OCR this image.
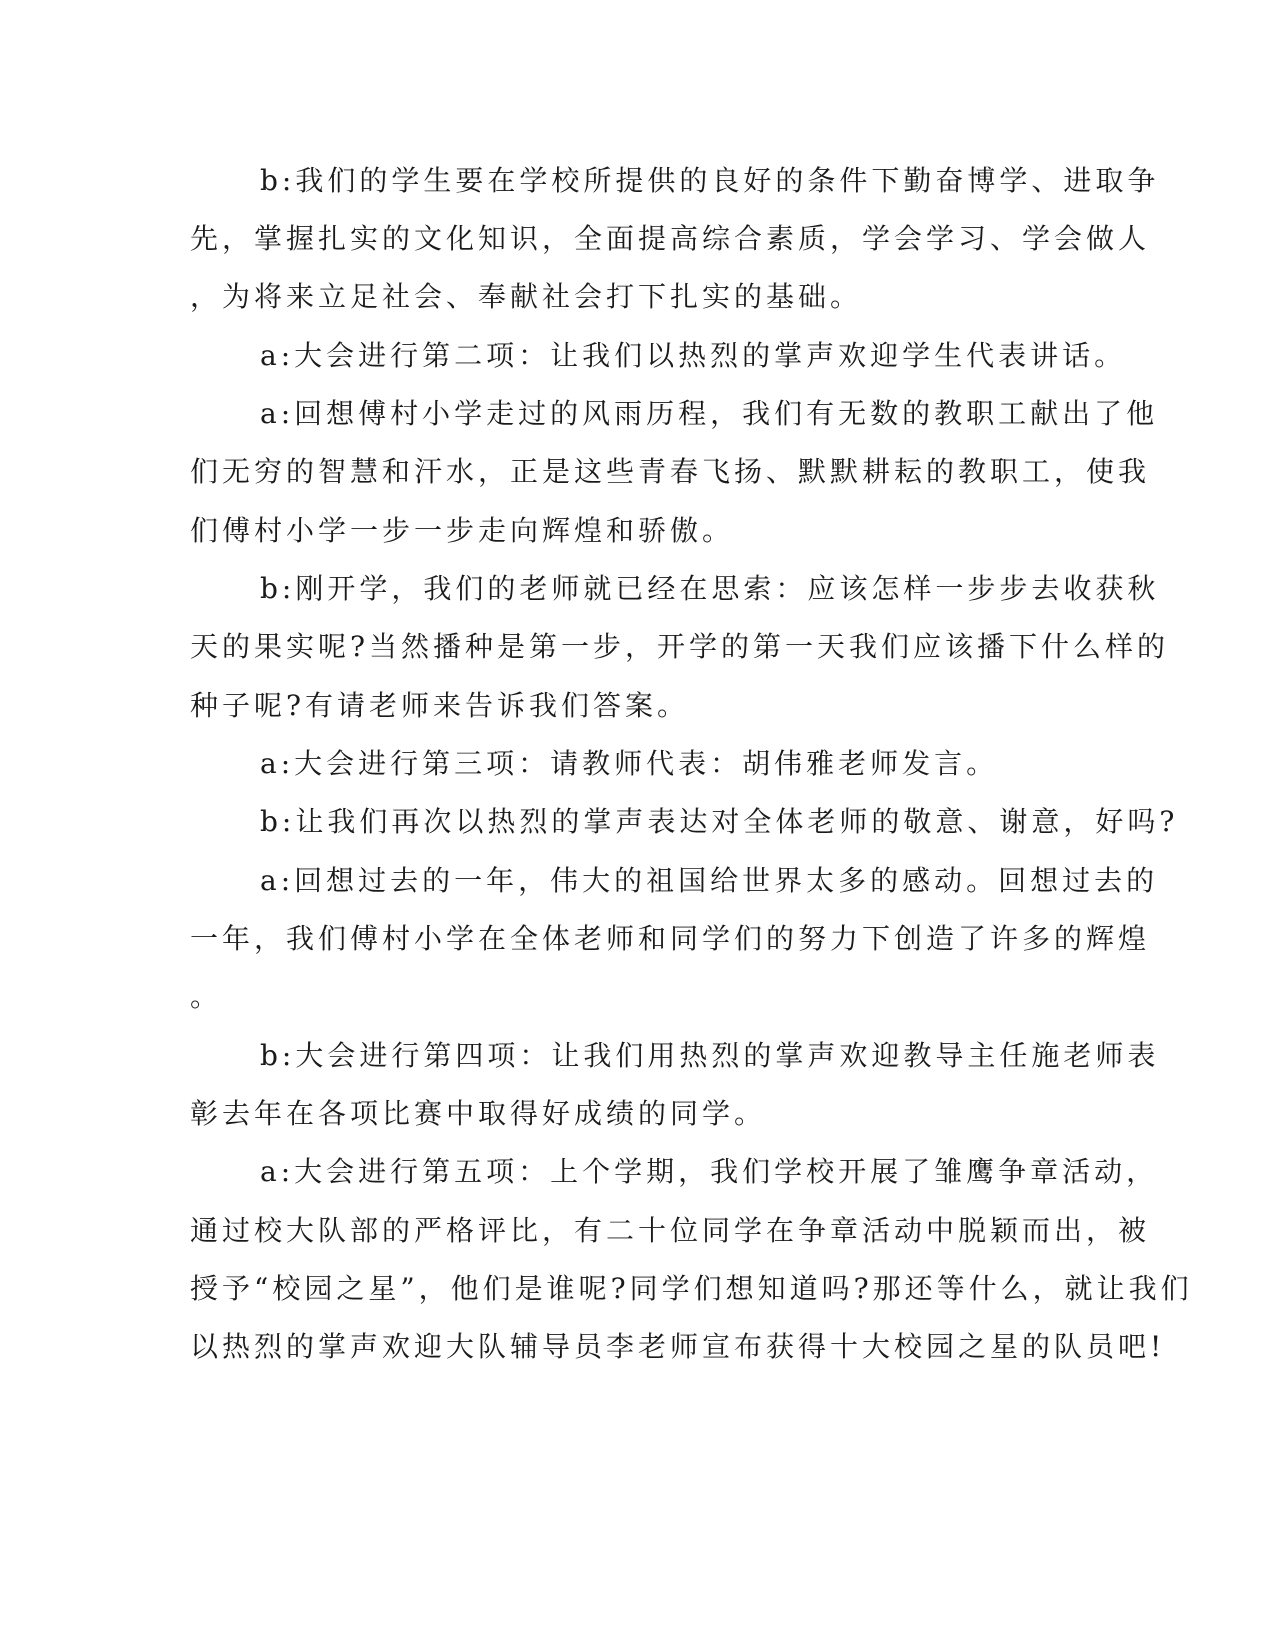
b:我们的学生要在学校所提供的良好的条件下勤奋博学、进取争
先，掌握扎实的文化知识，全面提高综合素质，学会学习、学会做人
，为将来立足社会、奉献社会打下扎实的基础。
a:大会进行第二项：让我们以热烈的掌声欢迎学生代表讲话。
a:回想傅村小学走过的风雨历程，我们有无数的教职工献出了他
们无穷的智慧和汗水，正是这些青春飞扬、默默耕耘的教职工，使我
们傅村小学一步一步走向辉煌和骄傲。
b:刚开学，我们的老师就已经在思索：应该怎样一步步去收获秋
天的果实呢?当然播种是第一步，开学的第一天我们应该播下什么样的
种子呢?有请老师来告诉我们答案。
a:大会进行第三项：请教师代表：胡伟雅老师发言。
b:让我们再次以热烈的掌声表达对全体老师的敬意、谢意，好吗?
a:回想过去的一年，伟大的祖国给世界太多的感动。回想过去的
一年，我们傅村小学在全体老师和同学们的努力下创造了许多的辉煌
。
b:大会进行第四项：让我们用热烈的掌声欢迎教导主任施老师表
彰去年在各项比赛中取得好成绩的同学。
a:大会进行第五项：上个学期，我们学校开展了雏鹰争章活动，
通过校大队部的严格评比，有二十位同学在争章活动中脱颖而出，被
授予“校园之星”，他们是谁呢?同学们想知道吗?那还等什么，就让我们
以热烈的掌声欢迎大队辅导员李老师宣布获得十大校园之星的队员吧!
